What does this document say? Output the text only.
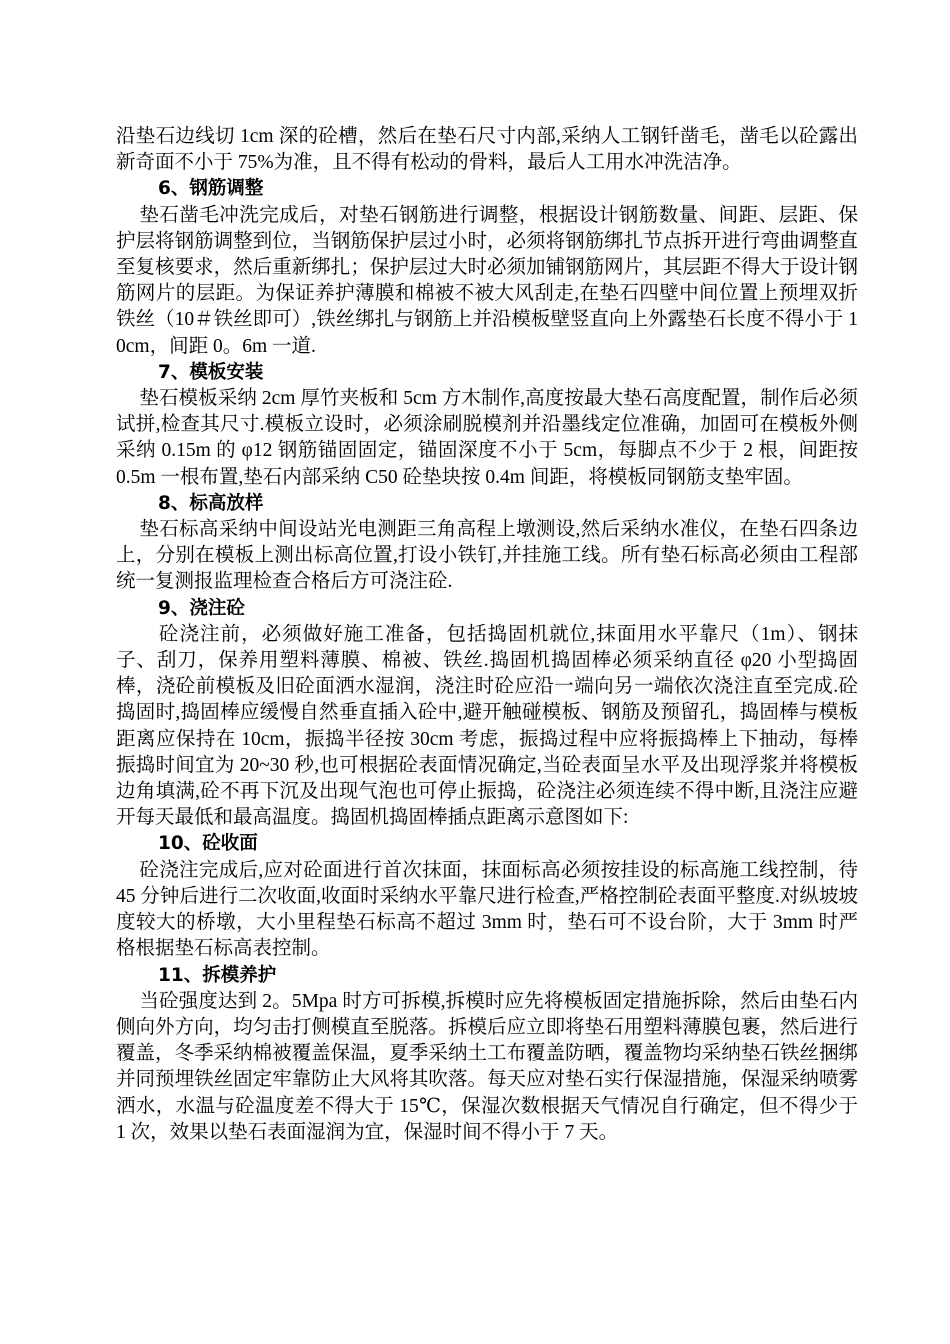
沿垫石边线切 1cm 深的砼槽，然后在垫石尺寸内部,采纳人工钢钎凿毛，凿毛以砼露出新奇面不小于 75%为准，且不得有松动的骨料，最后人工用水冲洗洁净。

6、钢筋调整

垫石凿毛冲洗完成后，对垫石钢筋进行调整，根据设计钢筋数量、间距、层距、保护层将钢筋调整到位，当钢筋保护层过小时，必须将钢筋绑扎节点拆开进行弯曲调整直至复核要求，然后重新绑扎；保护层过大时必须加铺钢筋网片，其层距不得大于设计钢筋网片的层距。为保证养护薄膜和棉被不被大风刮走,在垫石四壁中间位置上预埋双折铁丝（10＃铁丝即可）,铁丝绑扎与钢筋上并沿模板壁竖直向上外露垫石长度不得小于 10cm，间距 0。6m 一道.

7、模板安装

垫石模板采纳 2cm 厚竹夹板和 5cm 方木制作,高度按最大垫石高度配置，制作后必须试拼,检查其尺寸.模板立设时，必须涂刷脱模剂并沿墨线定位准确，加固可在模板外侧采纳 0.15m 的 φ12 钢筋锚固固定，锚固深度不小于 5cm，每脚点不少于 2 根，间距按 0.5m 一根布置,垫石内部采纳 C50 砼垫块按 0.4m 间距，将模板同钢筋支垫牢固。

8、标高放样

垫石标高采纳中间设站光电测距三角高程上墩测设,然后采纳水准仪，在垫石四条边上，分别在模板上测出标高位置,打设小铁钉,并挂施工线。所有垫石标高必须由工程部统一复测报监理检查合格后方可浇注砼.

9、浇注砼

砼浇注前，必须做好施工准备，包括捣固机就位,抹面用水平靠尺（1m）、钢抹子、刮刀，保养用塑料薄膜、棉被、铁丝.捣固机捣固棒必须采纳直径 φ20 小型捣固棒，浇砼前模板及旧砼面洒水湿润，浇注时砼应沿一端向另一端依次浇注直至完成.砼捣固时,捣固棒应缓慢自然垂直插入砼中,避开触碰模板、钢筋及预留孔，捣固棒与模板距离应保持在 10cm，振捣半径按 30cm 考虑，振捣过程中应将振捣棒上下抽动，每棒振捣时间宜为 20~30 秒,也可根据砼表面情况确定,当砼表面呈水平及出现浮浆并将模板边角填满,砼不再下沉及出现气泡也可停止振捣，砼浇注必须连续不得中断,且浇注应避开每天最低和最高温度。捣固机捣固棒插点距离示意图如下:

10、砼收面

砼浇注完成后,应对砼面进行首次抹面，抹面标高必须按挂设的标高施工线控制，待 45 分钟后进行二次收面,收面时采纳水平靠尺进行检查,严格控制砼表面平整度.对纵坡坡度较大的桥墩，大小里程垫石标高不超过 3mm 时，垫石可不设台阶，大于 3mm 时严格根据垫石标高表控制。

11、拆模养护

当砼强度达到 2。5Mpa 时方可拆模,拆模时应先将模板固定措施拆除，然后由垫石内侧向外方向，均匀击打侧模直至脱落。拆模后应立即将垫石用塑料薄膜包裹，然后进行覆盖，冬季采纳棉被覆盖保温，夏季采纳土工布覆盖防晒，覆盖物均采纳垫石铁丝捆绑并同预埋铁丝固定牢靠防止大风将其吹落。每天应对垫石实行保湿措施，保湿采纳喷雾洒水，水温与砼温度差不得大于 15℃，保湿次数根据天气情况自行确定，但不得少于 1 次，效果以垫石表面湿润为宜，保湿时间不得小于 7 天。
